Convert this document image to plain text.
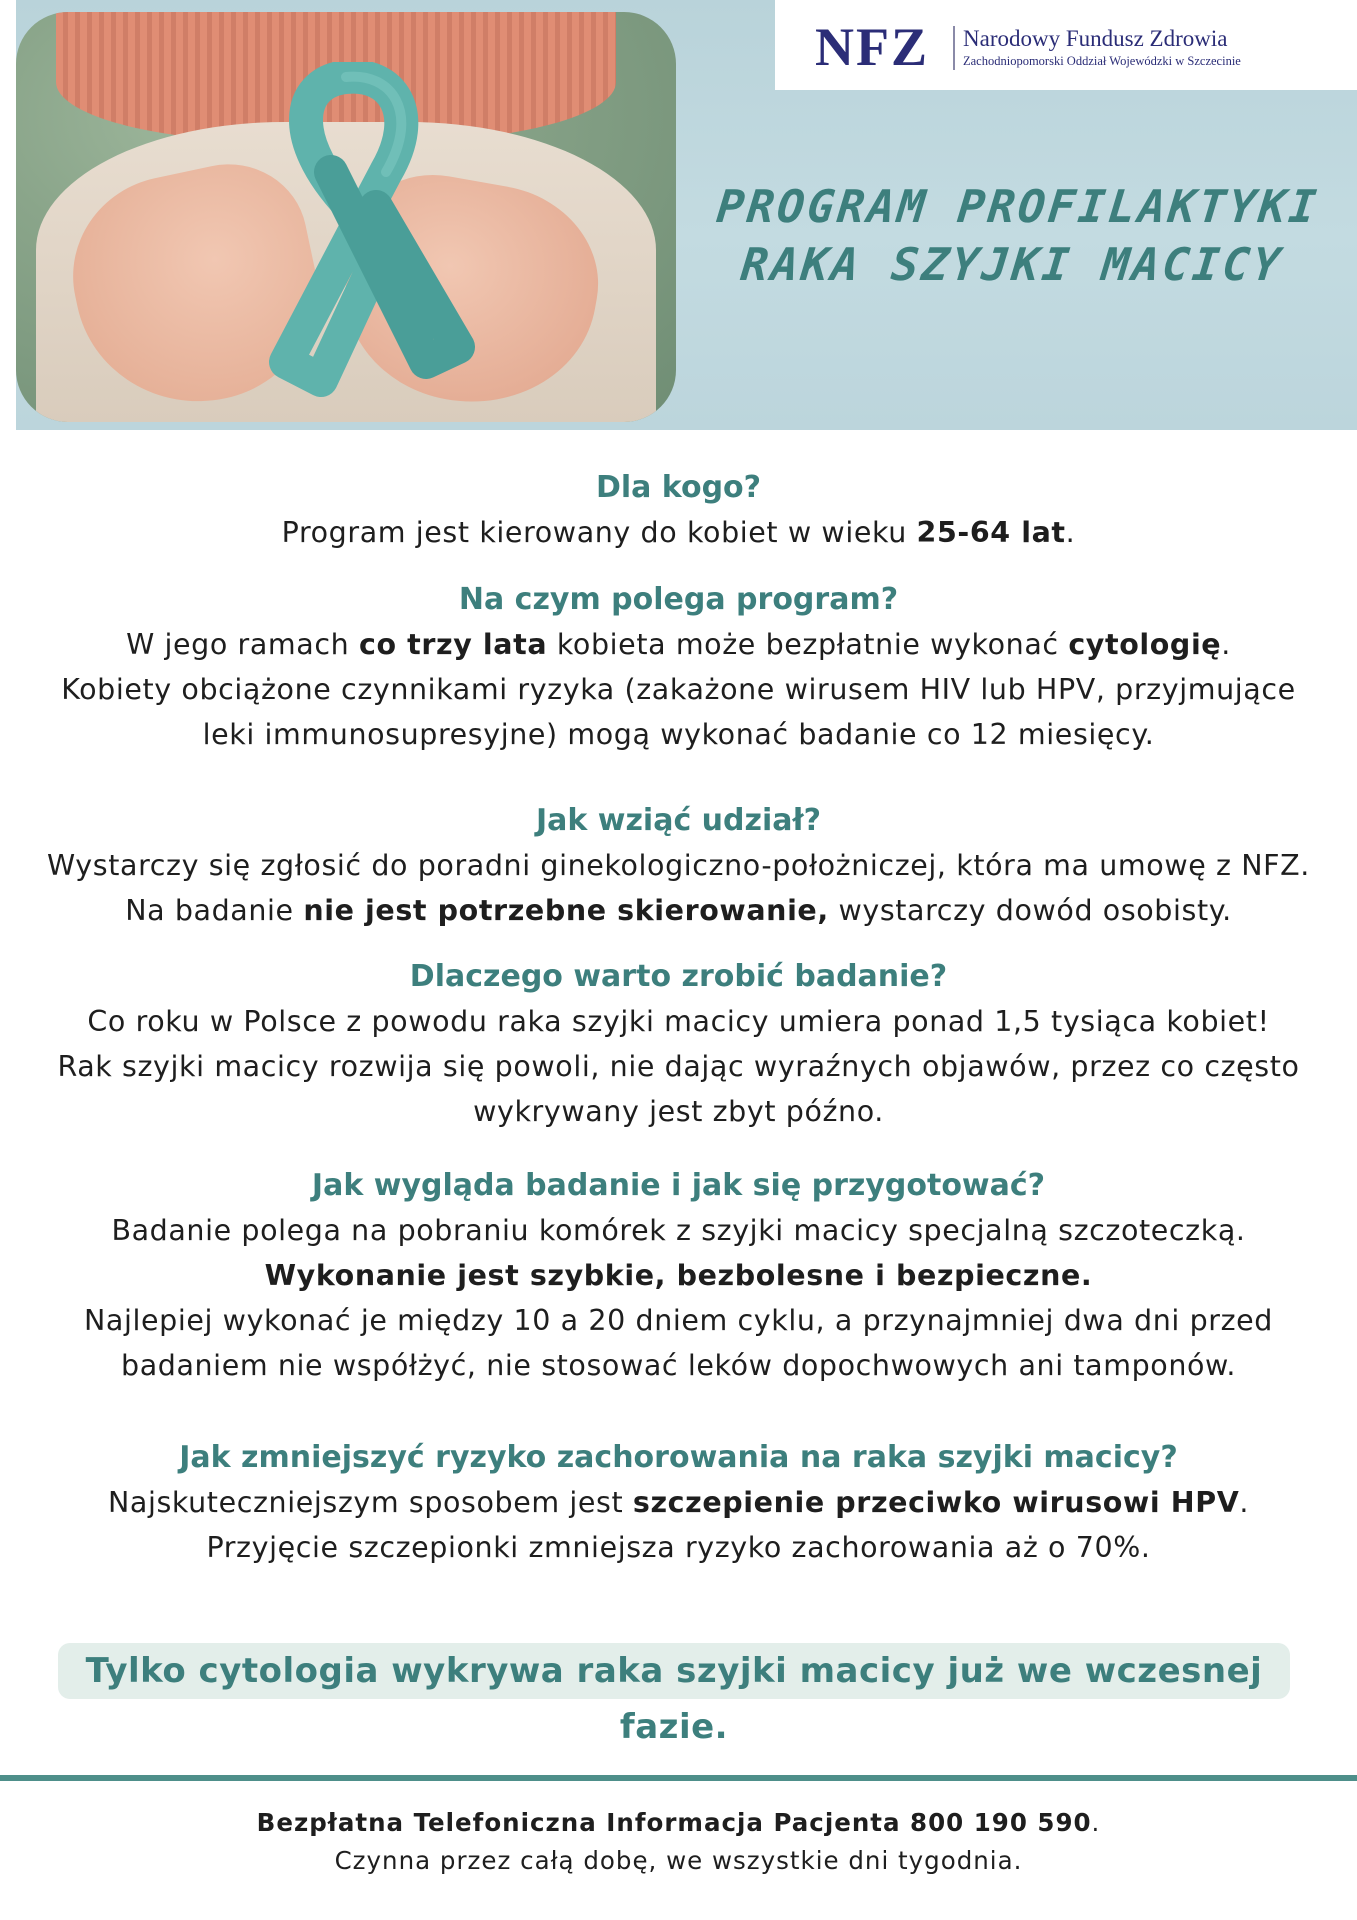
NFZ Narodowy Fundusz Zdrowia
Zachodniopomorski Oddział Wojewódzki w Szczecinie
PROGRAM PROFILAKTYKI
RAKA SZYJKI MACICY
Dla kogo?

Program jest kierowany do kobiet w wieku 25-64 lat.

Na czym polega program?

W jego ramach co trzy lata kobieta może bezpłatnie wykonać cytologię.

Kobiety obciążone czynnikami ryzyka (zakażone wirusem HIV lub HPV, przyjmujące

leki immunosupresyjne) mogą wykonać badanie co 12 miesięcy.

Jak wziąć udział?

Wystarczy się zgłosić do poradni ginekologiczno-położniczej, która ma umowę z NFZ.

Na badanie nie jest potrzebne skierowanie, wystarczy dowód osobisty.

Dlaczego warto zrobić badanie?

Co roku w Polsce z powodu raka szyjki macicy umiera ponad 1,5 tysiąca kobiet!

Rak szyjki macicy rozwija się powoli, nie dając wyraźnych objawów, przez co często

wykrywany jest zbyt późno.

Jak wygląda badanie i jak się przygotować?

Badanie polega na pobraniu komórek z szyjki macicy specjalną szczoteczką.

Wykonanie jest szybkie, bezbolesne i bezpieczne.

Najlepiej wykonać je między 10 a 20 dniem cyklu, a przynajmniej dwa dni przed

badaniem nie współżyć, nie stosować leków dopochwowych ani tamponów.

Jak zmniejszyć ryzyko zachorowania na raka szyjki macicy?

Najskuteczniejszym sposobem jest szczepienie przeciwko wirusowi HPV.

Przyjęcie szczepionki zmniejsza ryzyko zachorowania aż o 70%.

Tylko cytologia wykrywa raka szyjki macicy już we wczesnej fazie.
Bezpłatna Telefoniczna Informacja Pacjenta 800 190 590.
Czynna przez całą dobę, we wszystkie dni tygodnia.
